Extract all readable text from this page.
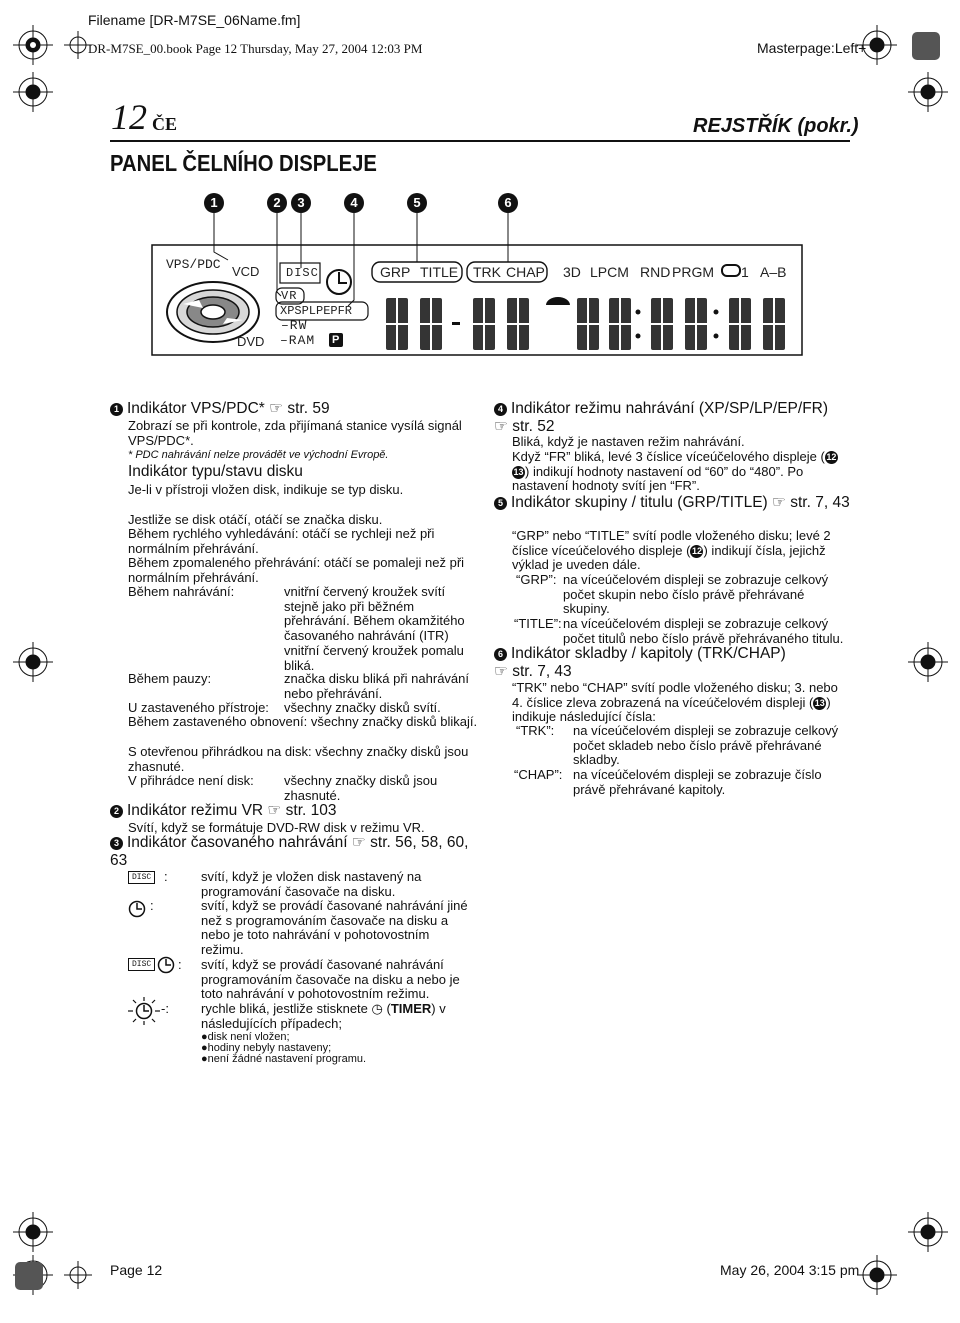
Filename [DR-M7SE_06Name.fm]
DR-M7SE_00.book Page 12 Thursday, May 27, 2004 12:03 PM	Masterpage:Left+
12 ČE	REJSTŘÍK (pokr.)
PANEL ČELNÍHO DISPLEJE
1	2	3	4	5	6
VPS/PDC VCD
DVD
DISC
VR
XPSPLPEPFR
–RW
–RAM P
GRP TITLE TRK CHAP 3D LPCM RND PRGM 1 A–B
1 Indikátor VPS/PDC* ☞ str. 59
Zobrazí se při kontrole, zda přijímaná stanice vysílá signál VPS/PDC*.
* PDC nahrávání nelze provádět ve východní Evropě.
Indikátor typu/stavu disku
Je-li v přístroji vložen disk, indikuje se typ disku.
Jestliže se disk otáčí, otáčí se značka disku.
Během rychlého vyhledávání: otáčí se rychleji než při normálním přehrávání.
Během zpomaleného přehrávání: otáčí se pomaleji než při normálním přehrávání.
Během nahrávání:	vnitřní červený kroužek svítí stejně jako při běžném přehrávání. Během okamžitého časovaného nahrávání (ITR) vnitřní červený kroužek pomalu bliká.
Během pauzy:	značka disku bliká při nahrávání nebo přehrávání.
U zastaveného přístroje: všechny značky disků svítí.
Během zastaveného obnovení: všechny značky disků blikají.
S otevřenou přihrádkou na disk: všechny značky disků jsou zhasnuté.
V přihrádce není disk: všechny značky disků jsou zhasnuté.
2 Indikátor režimu VR ☞ str. 103
Svítí, když se formátuje DVD-RW disk v režimu VR.
3 Indikátor časovaného nahrávání ☞ str. 56, 58, 60, 63
DISC :	svítí, když je vložen disk nastavený na programování časovače na disku.
:	svítí, když se provádí časované nahrávání jiné než s programováním časovače na disku a nebo je toto nahrávání v pohotovostním režimu.
DISC	: svítí, když se provádí časované nahrávání programováním časovače na disku a nebo je toto nahrávání v pohotovostním režimu.
-: rychle bliká, jestliže stisknete ◷ (TIMER) v následujících případech;
●disk není vložen;
●hodiny nebyly nastaveny;
●není žádné nastavení programu.
4 Indikátor režimu nahrávání (XP/SP/LP/EP/FR)
☞ str. 52
Bliká, když je nastaven režim nahrávání.
Když “FR” bliká, levé 3 číslice víceúčelového displeje (12
13 ) indikují hodnoty nastavení od “60” do “480”. Po nastavení hodnoty svítí jen “FR”.
5 Indikátor skupiny / titulu (GRP/TITLE) ☞ str. 7, 43
“GRP” nebo “TITLE” svítí podle vloženého disku; levé 2 číslice víceúčelového displeje (12 ) indikují čísla, jejichž výklad je uveden dále.
“GRP”: na víceúčelovém displeji se zobrazuje celkový počet skupin nebo číslo právě přehrávané skupiny.
“TITLE”: na víceúčelovém displeji se zobrazuje celkový počet titulů nebo číslo právě přehrávaného titulu.
6 Indikátor skladby / kapitoly (TRK/CHAP)
☞ str. 7, 43
“TRK” nebo “CHAP” svítí podle vloženého disku; 3. nebo 4. číslice zleva zobrazená na víceúčelovém displeji (13 ) indikuje následující čísla:
“TRK”: na víceúčelovém displeji se zobrazuje celkový počet skladeb nebo číslo právě přehrávané skladby.
“CHAP”: na víceúčelovém displeji se zobrazuje číslo právě přehrávané kapitoly.
Page 12	May 26, 2004 3:15 pm
